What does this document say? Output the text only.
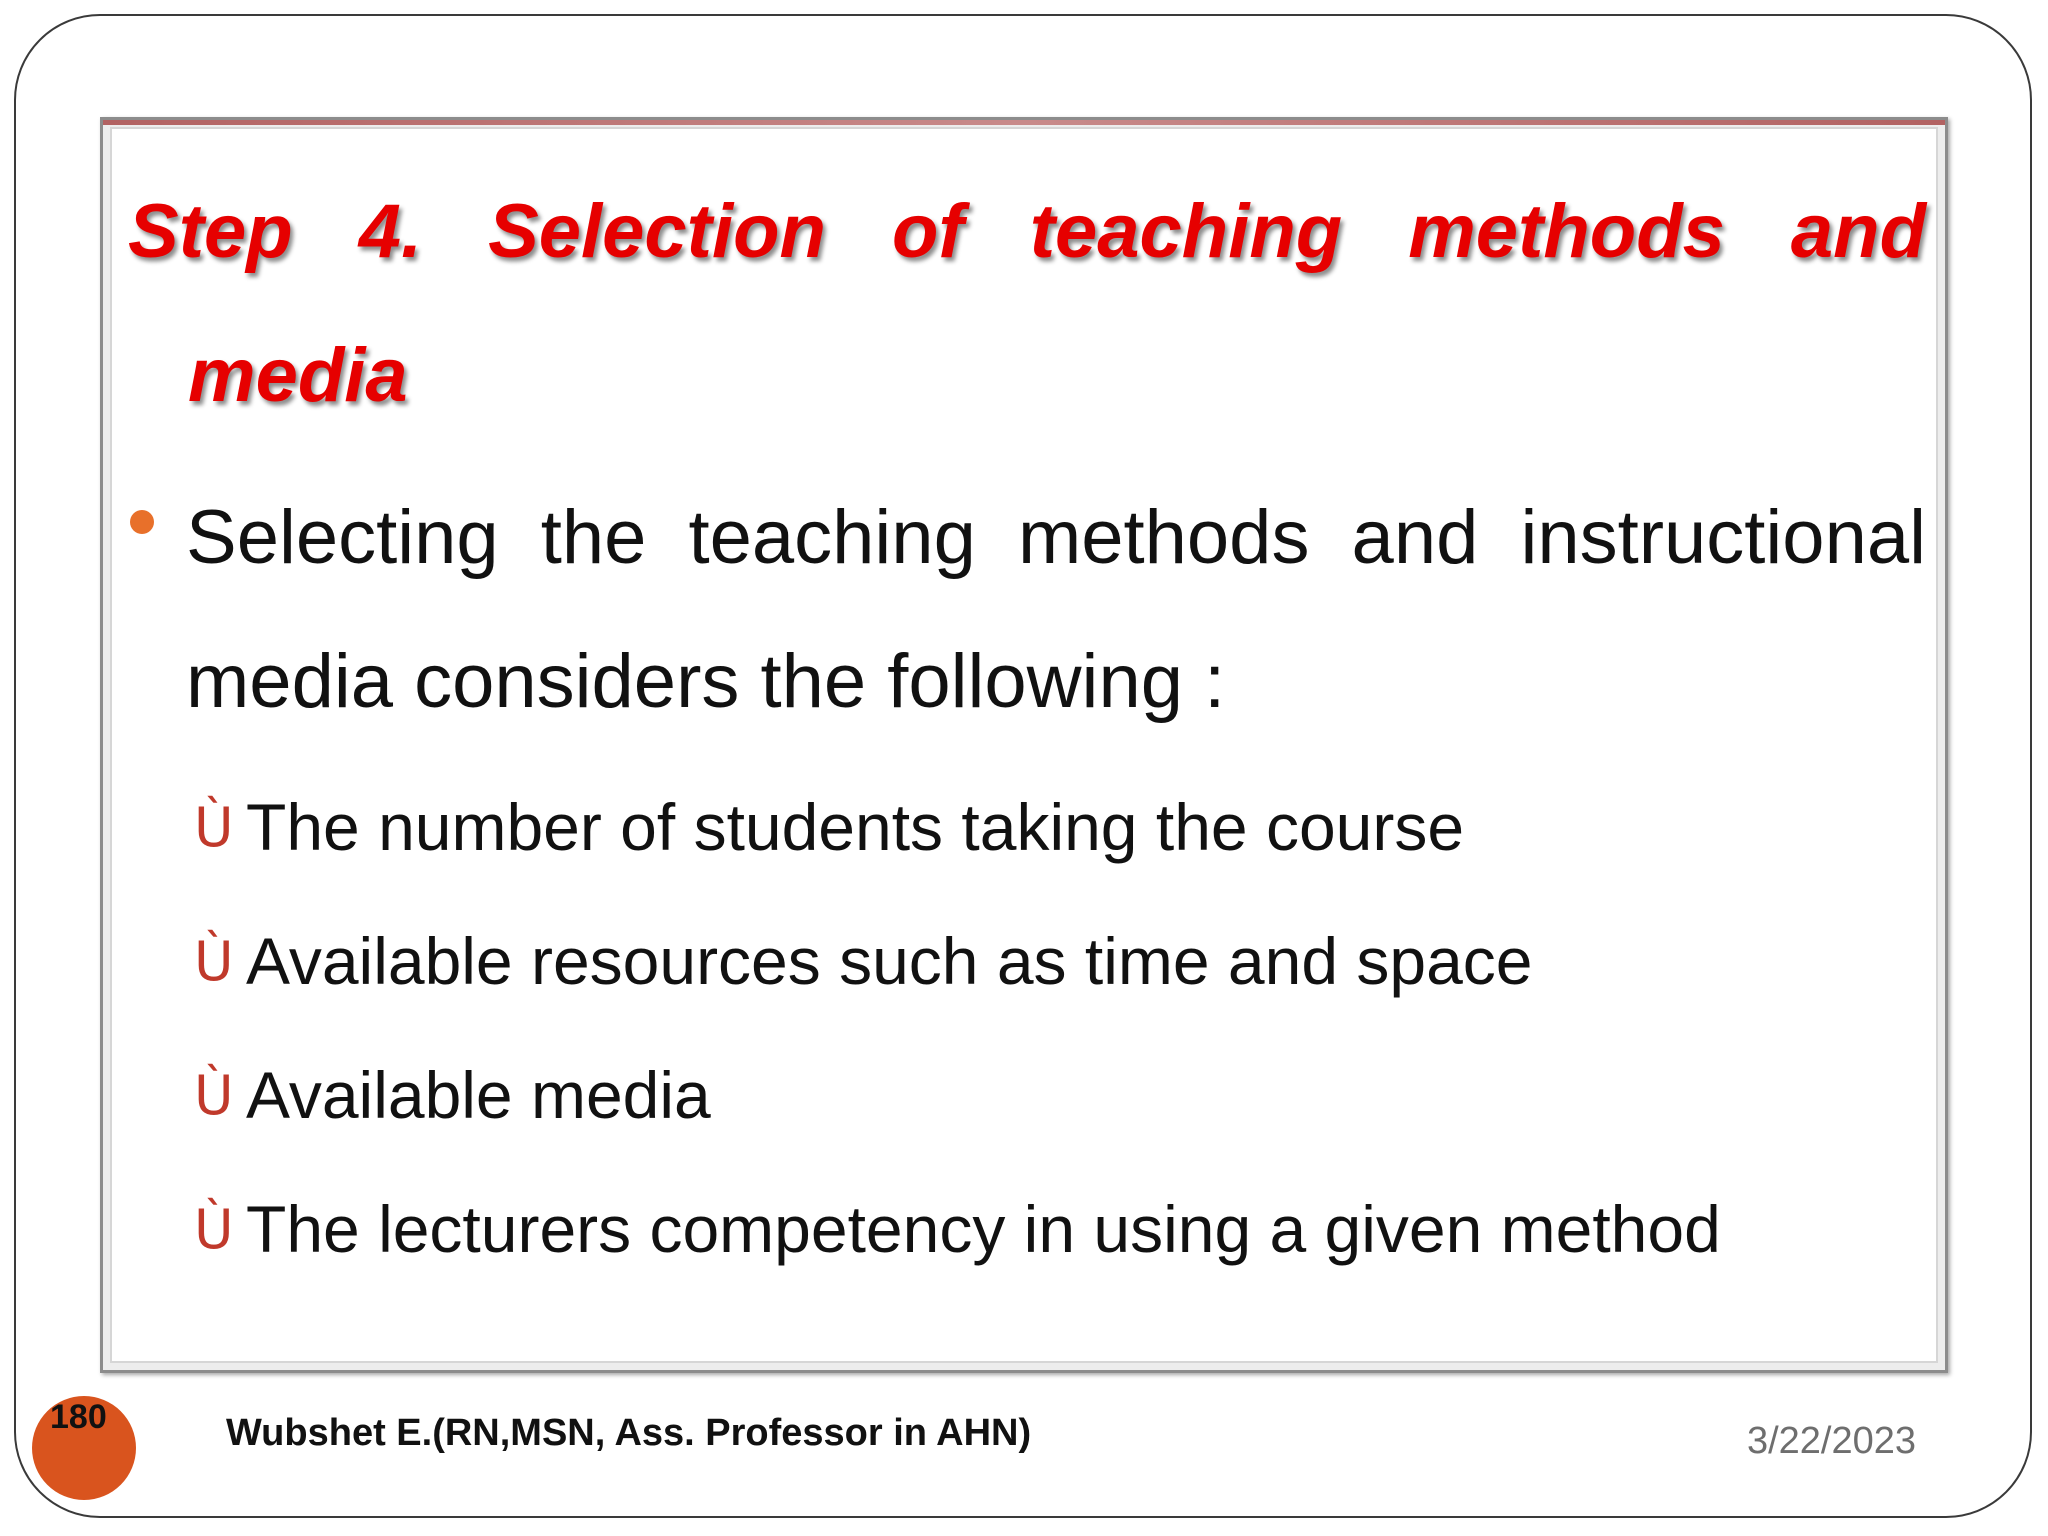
Step 4. Selection of teaching methods and
media
Selecting the teaching methods and instructional
media considers the following :
Ù The number of students taking the course
Ù Available resources such as time and space
Ù Available media
Ù The lecturers competency in using a given method
180	Wubshet E.(RN,MSN, Ass. Professor in AHN)	3/22/2023
